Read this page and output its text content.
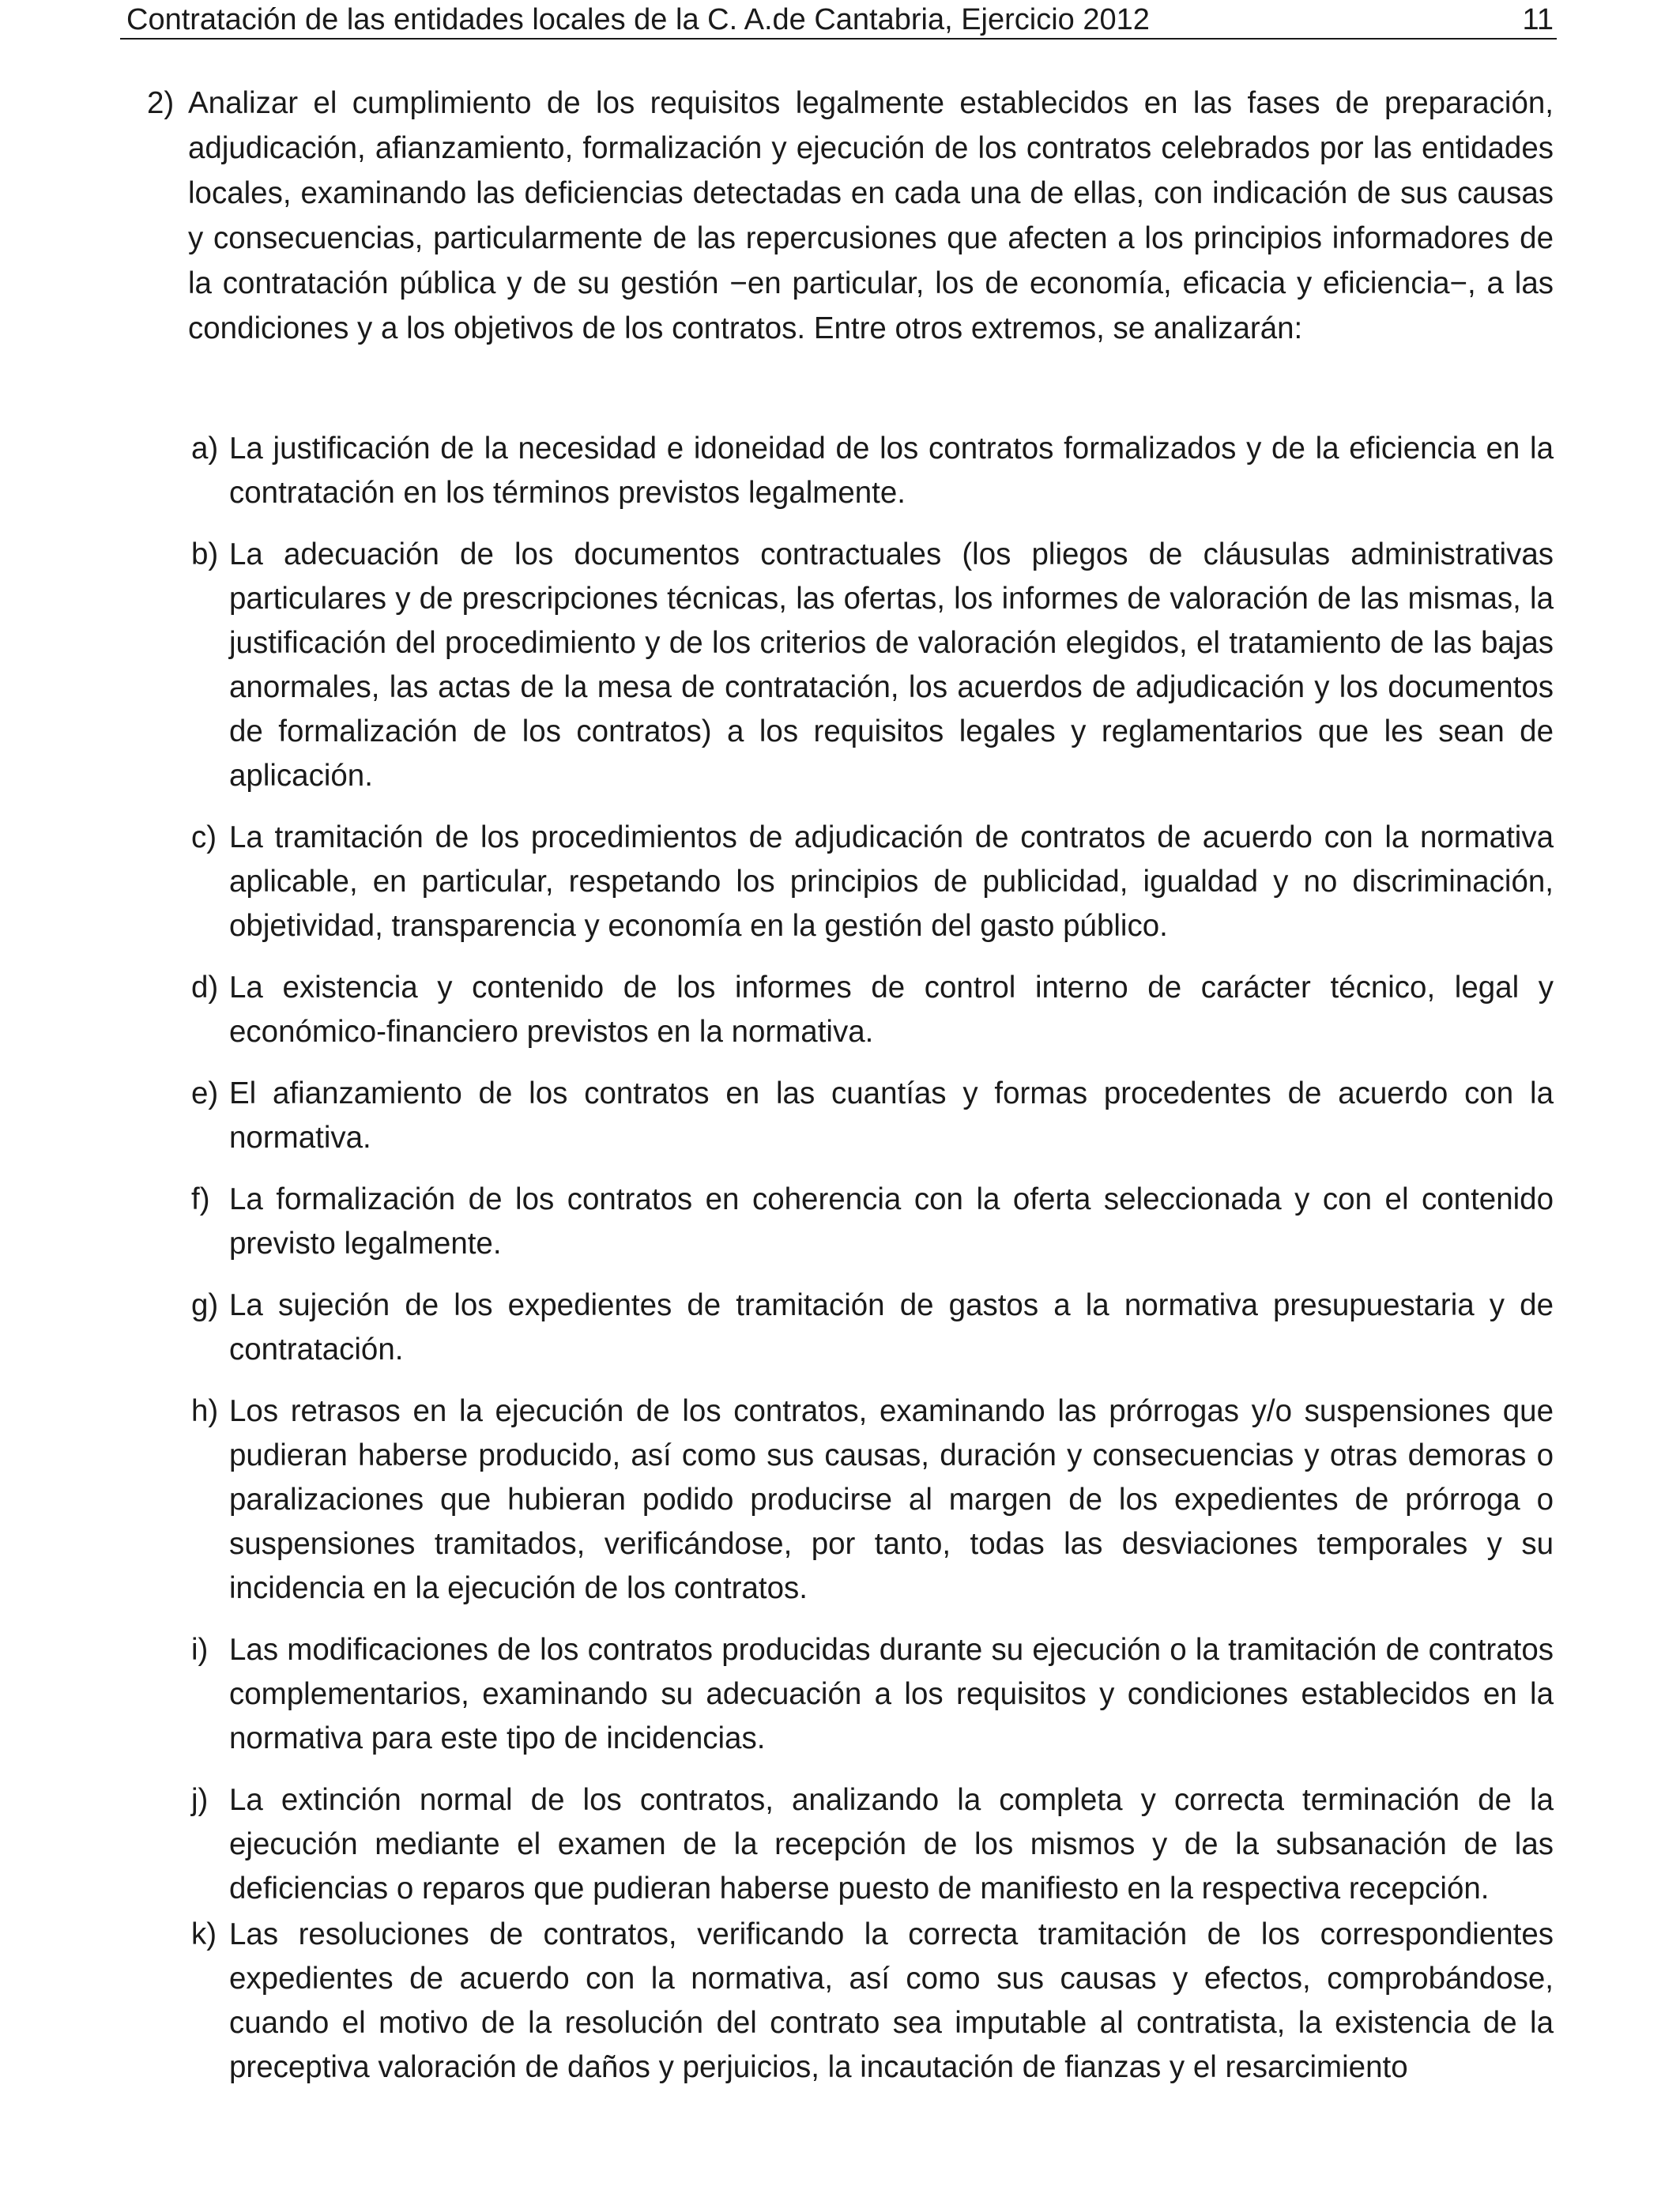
Contratación de las entidades locales de la C. A.de Cantabria, Ejercicio 2012	11
2) Analizar el cumplimiento de los requisitos legalmente establecidos en las fases de preparación, adjudicación, afianzamiento, formalización y ejecución de los contratos celebrados por las entidades locales, examinando las deficiencias detectadas en cada una de ellas, con indicación de sus causas y consecuencias, particularmente de las repercusiones que afecten a los principios informadores de la contratación pública y de su gestión −en particular, los de economía, eficacia y eficiencia−, a las condiciones y a los objetivos de los contratos. Entre otros extremos, se analizarán:
a) La justificación de la necesidad e idoneidad de los contratos formalizados y de la eficiencia en la contratación en los términos previstos legalmente.
b) La adecuación de los documentos contractuales (los pliegos de cláusulas administrativas particulares y de prescripciones técnicas, las ofertas, los informes de valoración de las mismas, la justificación del procedimiento y de los criterios de valoración elegidos, el tratamiento de las bajas anormales, las actas de la mesa de contratación, los acuerdos de adjudicación y los documentos de formalización de los contratos) a los requisitos legales y reglamentarios que les sean de aplicación.
c) La tramitación de los procedimientos de adjudicación de contratos de acuerdo con la normativa aplicable, en particular, respetando los principios de publicidad, igualdad y no discriminación, objetividad, transparencia y economía en la gestión del gasto público.
d) La existencia y contenido de los informes de control interno de carácter técnico, legal y económico-financiero previstos en la normativa.
e) El afianzamiento de los contratos en las cuantías y formas procedentes de acuerdo con la normativa.
f) La formalización de los contratos en coherencia con la oferta seleccionada y con el contenido previsto legalmente.
g) La sujeción de los expedientes de tramitación de gastos a la normativa presupuestaria y de contratación.
h) Los retrasos en la ejecución de los contratos, examinando las prórrogas y/o suspensiones que pudieran haberse producido, así como sus causas, duración y consecuencias y otras demoras o paralizaciones que hubieran podido producirse al margen de los expedientes de prórroga o suspensiones tramitados, verificándose, por tanto, todas las desviaciones temporales y su incidencia en la ejecución de los contratos.
i) Las modificaciones de los contratos producidas durante su ejecución o la tramitación de contratos complementarios, examinando su adecuación a los requisitos y condiciones establecidos en la normativa para este tipo de incidencias.
j) La extinción normal de los contratos, analizando la completa y correcta terminación de la ejecución mediante el examen de la recepción de los mismos y de la subsanación de las deficiencias o reparos que pudieran haberse puesto de manifiesto en la respectiva recepción.
k) Las resoluciones de contratos, verificando la correcta tramitación de los correspondientes expedientes de acuerdo con la normativa, así como sus causas y efectos, comprobándose, cuando el motivo de la resolución del contrato sea imputable al contratista, la existencia de la preceptiva valoración de daños y perjuicios, la incautación de fianzas y el resarcimiento
